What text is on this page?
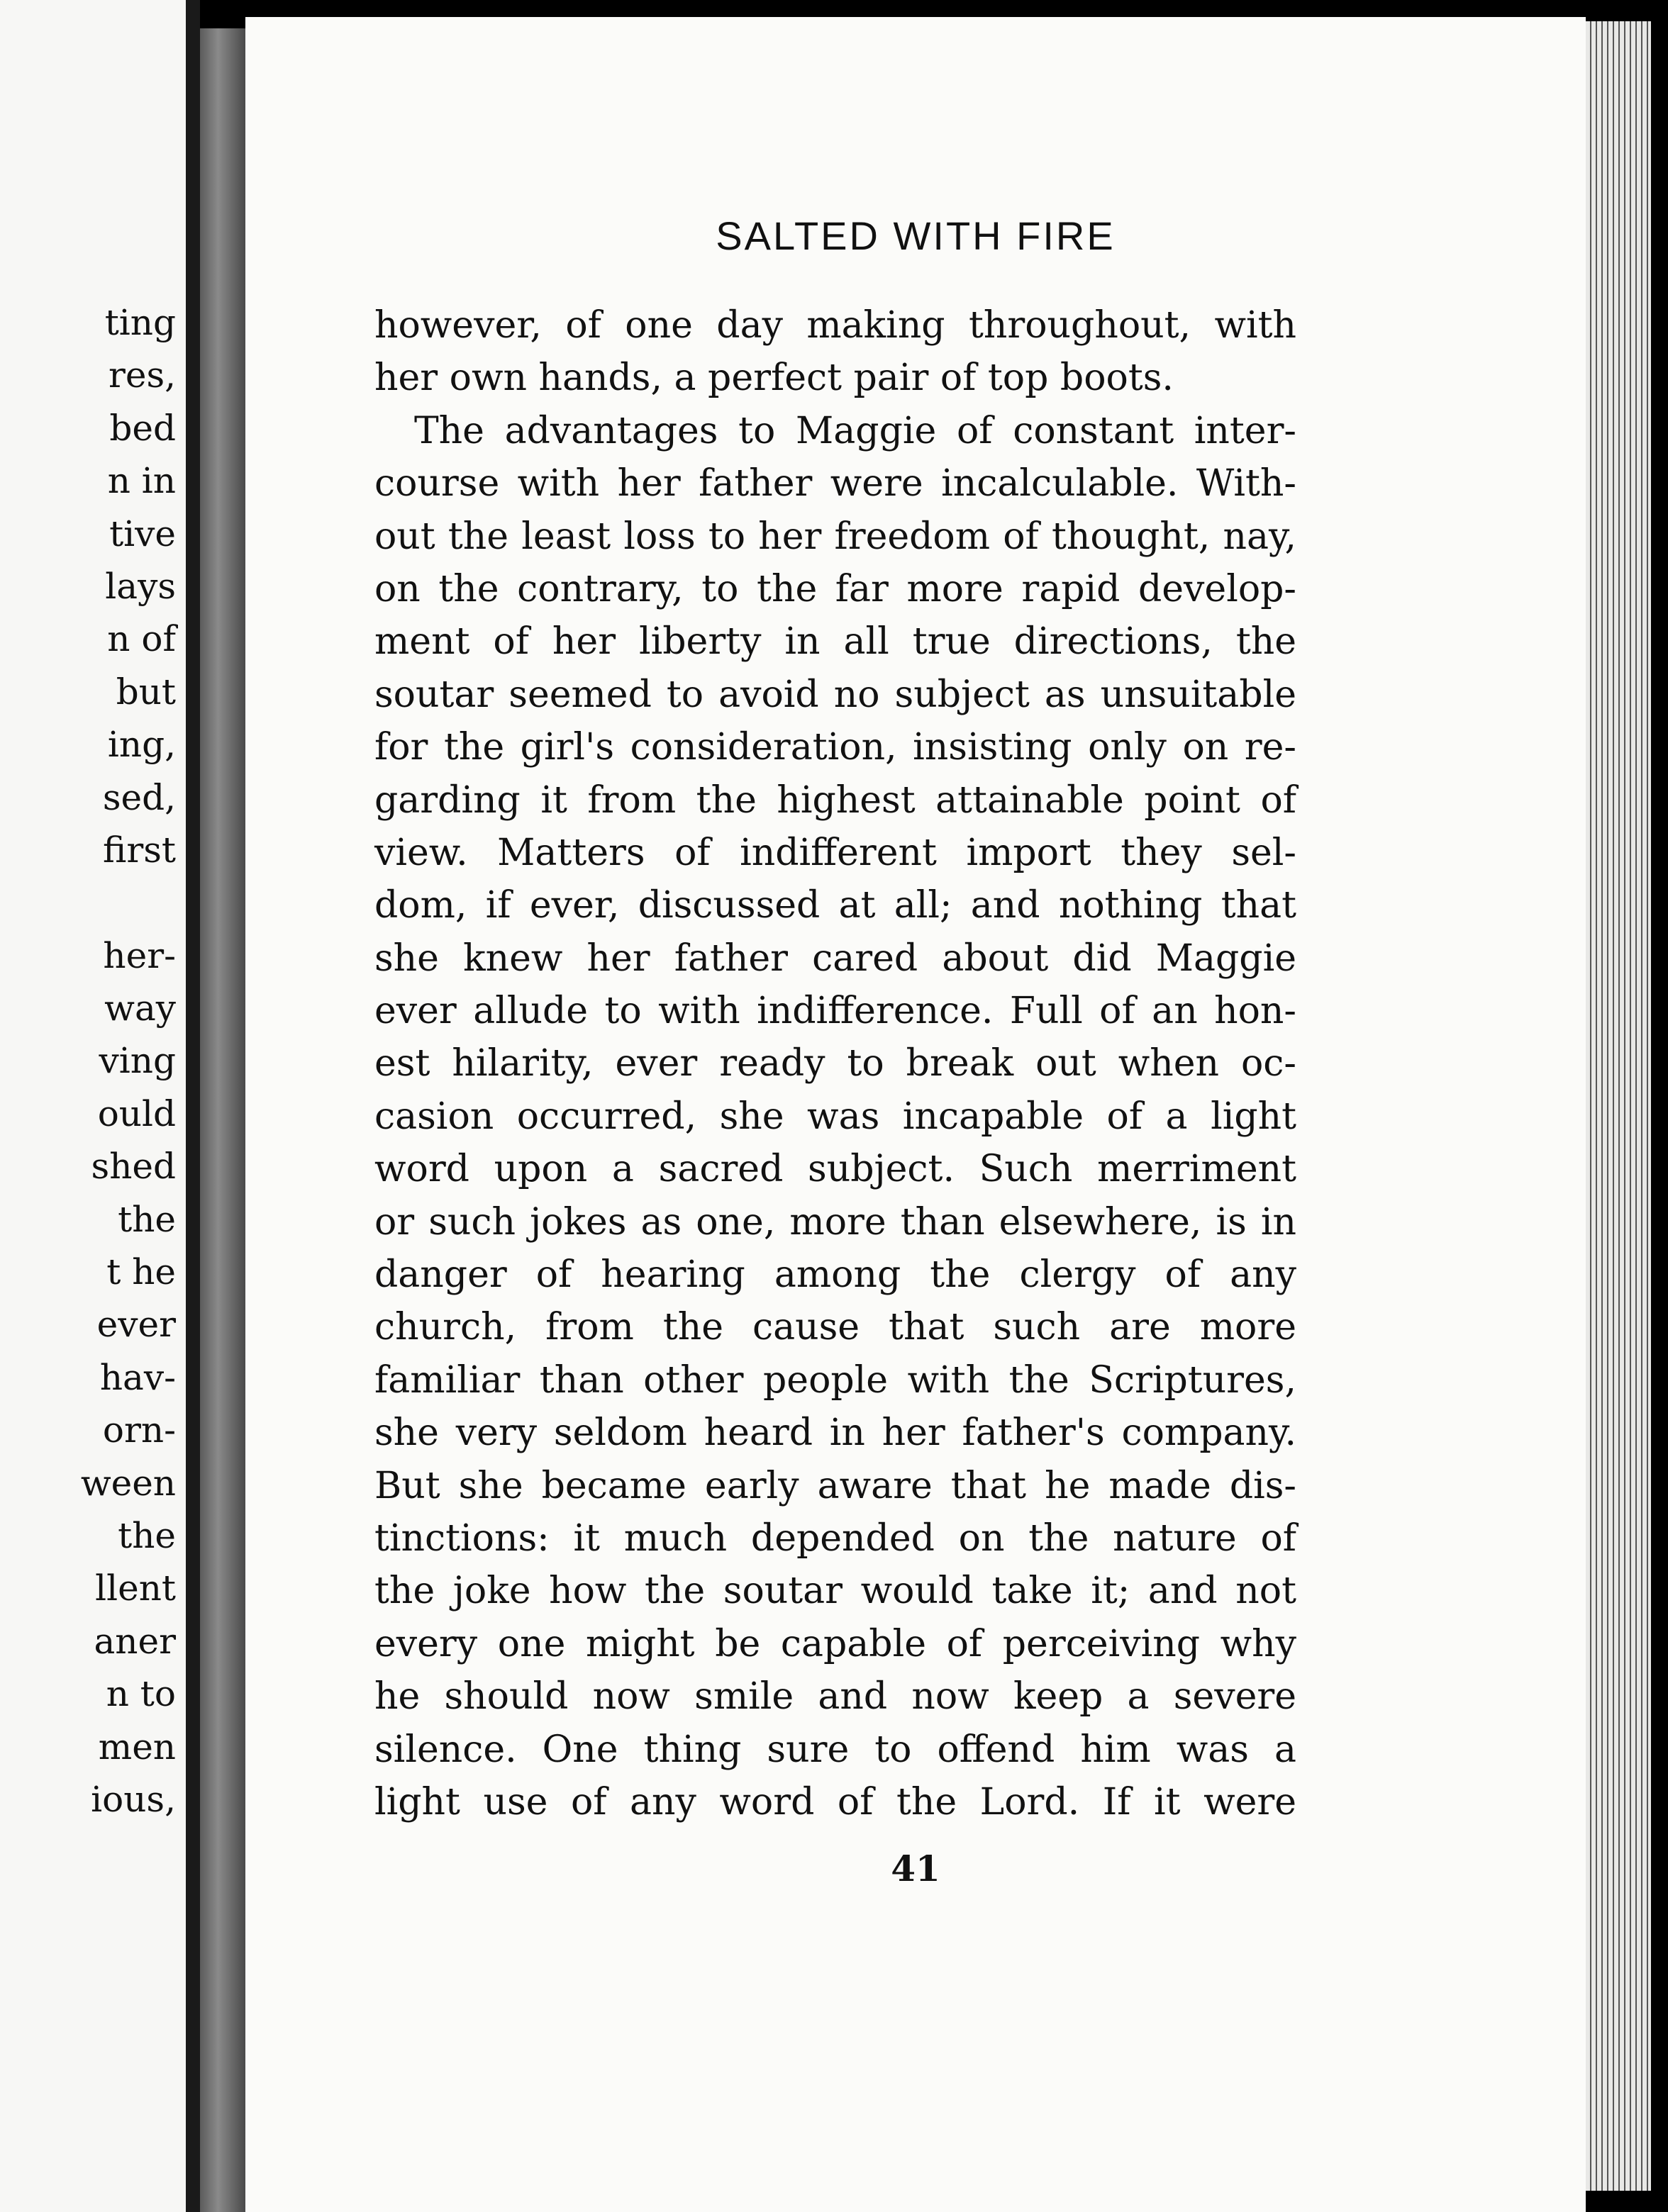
ting
res,
bed
n in
tive
lays
n of
but
ing,
sed,
first
her-
way
ving
ould
shed
the
t he
ever
hav-
orn-
ween
the
llent
aner
n to
men
ious,
SALTED WITH FIRE
however, of one day making throughout, with
her own hands, a perfect pair of top boots.
The advantages to Maggie of constant inter-
course with her father were incalculable. With-
out the least loss to her freedom of thought, nay,
on the contrary, to the far more rapid develop-
ment of her liberty in all true directions, the
soutar seemed to avoid no subject as unsuitable
for the girl's consideration, insisting only on re-
garding it from the highest attainable point of
view. Matters of indifferent import they sel-
dom, if ever, discussed at all; and nothing that
she knew her father cared about did Maggie
ever allude to with indifference. Full of an hon-
est hilarity, ever ready to break out when oc-
casion occurred, she was incapable of a light
word upon a sacred subject. Such merriment
or such jokes as one, more than elsewhere, is in
danger of hearing among the clergy of any
church, from the cause that such are more
familiar than other people with the Scriptures,
she very seldom heard in her father's company.
But she became early aware that he made dis-
tinctions: it much depended on the nature of
the joke how the soutar would take it; and not
every one might be capable of perceiving why
he should now smile and now keep a severe
silence. One thing sure to offend him was a
light use of any word of the Lord. If it were
41
